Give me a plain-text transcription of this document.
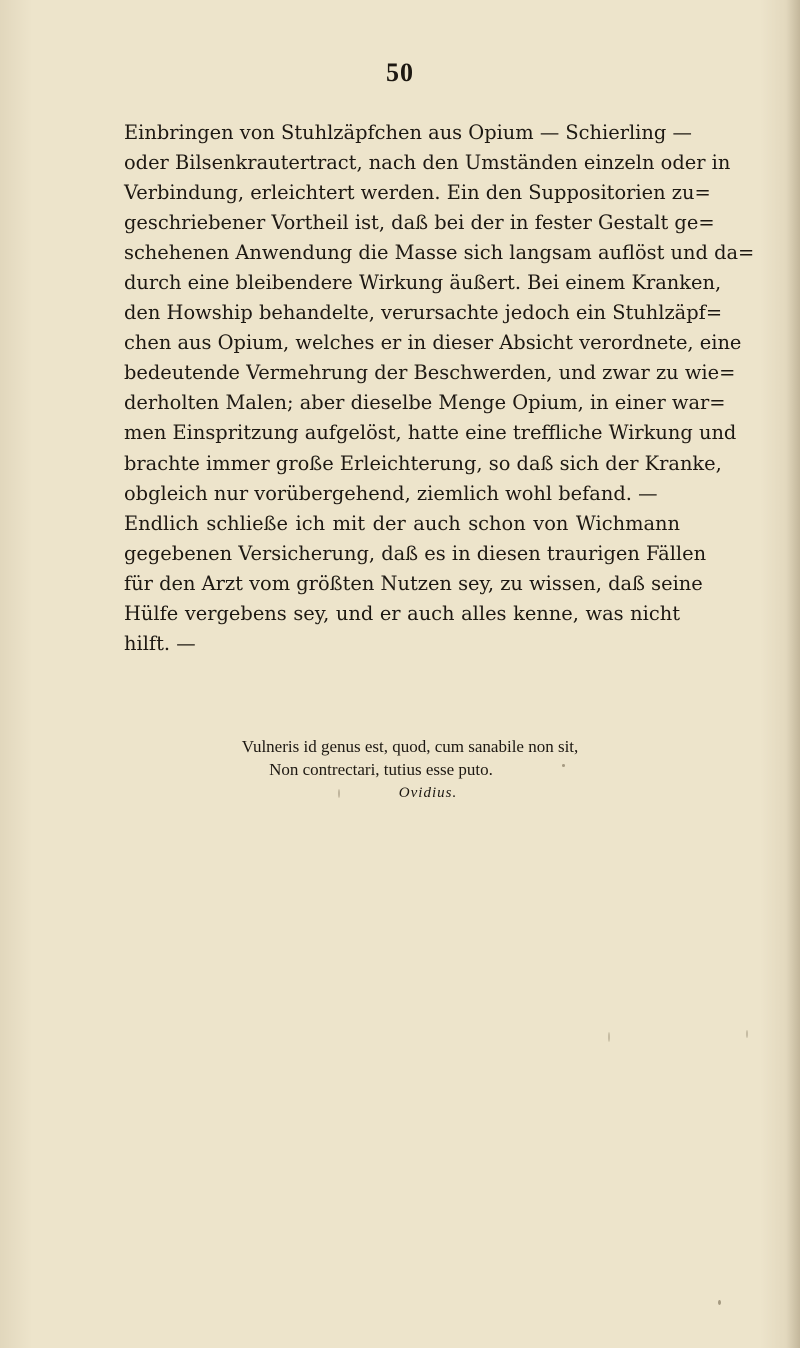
50
Einbringen von Stuhlzäpfchen aus Opium — Schierling —
oder Bilsenkrautertract, nach den Umständen einzeln oder in
Verbindung, erleichtert werden. Ein den Suppositorien zu=
geschriebener Vortheil ist, daß bei der in fester Gestalt ge=
schehenen Anwendung die Masse sich langsam auflöst und da=
durch eine bleibendere Wirkung äußert. Bei einem Kranken,
den Howship behandelte, verursachte jedoch ein Stuhlzäpf=
chen aus Opium, welches er in dieser Absicht verordnete, eine
bedeutende Vermehrung der Beschwerden, und zwar zu wie=
derholten Malen; aber dieselbe Menge Opium, in einer war=
men Einspritzung aufgelöst, hatte eine treffliche Wirkung und
brachte immer große Erleichterung, so daß sich der Kranke,
obgleich nur vorübergehend, ziemlich wohl befand. —
Endlich schließe ich mit der auch schon von Wichmann
gegebenen Versicherung, daß es in diesen traurigen Fällen
für den Arzt vom größten Nutzen sey, zu wissen, daß seine
Hülfe vergebens sey, und er auch alles kenne, was nicht
hilft. —
Vulneris id genus est, quod, cum sanabile non sit,
Non contrectari, tutius esse puto.
Ovidius.
